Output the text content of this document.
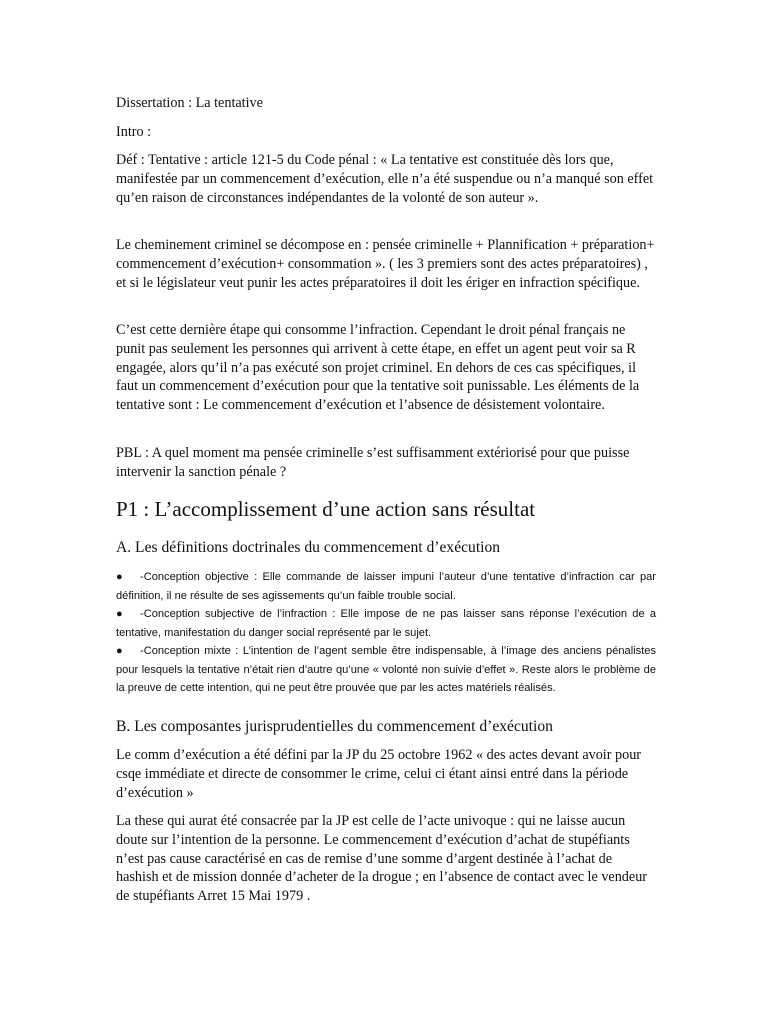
Dissertation : La tentative

Intro :

Déf : Tentative : article 121-5 du Code pénal : « La tentative est constituée dès lors que, manifestée par un commencement d’exécution, elle n’a été suspendue ou n’a manqué son effet qu’en raison de circonstances indépendantes de la volonté de son auteur ».

Le cheminement criminel se décompose en : pensée criminelle + Plannification + préparation+ commencement d’exécution+ consommation ». ( les 3 premiers sont des actes préparatoires) , et si le législateur veut punir les actes préparatoires il doit les ériger en infraction spécifique.

C’est cette dernière étape qui consomme l’infraction. Cependant le droit pénal français ne punit pas seulement les personnes qui arrivent à cette étape, en effet un agent peut voir sa R engagée, alors qu’il n’a pas exécuté son projet criminel. En dehors de ces cas spécifiques, il faut un commencement d’exécution pour que la tentative soit punissable. Les éléments de la tentative sont : Le commencement d’exécution et l’absence de désistement volontaire.

PBL : A quel moment ma pensée criminelle s’est suffisamment extériorisé pour que puisse intervenir la sanction pénale ?

P1 : L’accomplissement d’une action sans résultat
A. Les définitions doctrinales du commencement d’exécution
●	-Conception objective : Elle commande de laisser impuni l’auteur d’une tentative d’infraction car par définition, il ne résulte de ses agissements qu’un faible trouble social.
●	-Conception subjective de l’infraction : Elle impose de ne pas laisser sans réponse l’exécution de a tentative, manifestation du danger social représenté par le sujet.
●	-Conception mixte : L’intention de l’agent semble être indispensable, à l’image des anciens pénalistes pour lesquels la tentative n’était rien d’autre qu’une « volonté non suivie d’effet ». Reste alors le problème de la preuve de cette intention, qui ne peut être prouvée que par les actes matériels réalisés.
B. Les composantes jurisprudentielles du commencement d’exécution

Le comm d’exécution a été défini par la JP du 25 octobre 1962 « des actes devant avoir pour csqe immédiate et directe de consommer le crime, celui ci étant ainsi entré dans la période d’exécution »

La these qui aurat été consacrée par la JP est celle de l’acte univoque : qui ne laisse aucun doute sur l’intention de la personne. Le commencement d’exécution d’achat de stupéfiants n’est pas cause caractérisé en cas de remise d’une somme d’argent destinée à l’achat de hashish et de mission donnée d’acheter de la drogue ; en l’absence de contact avec le vendeur de stupéfiants Arret 15 Mai 1979 .
